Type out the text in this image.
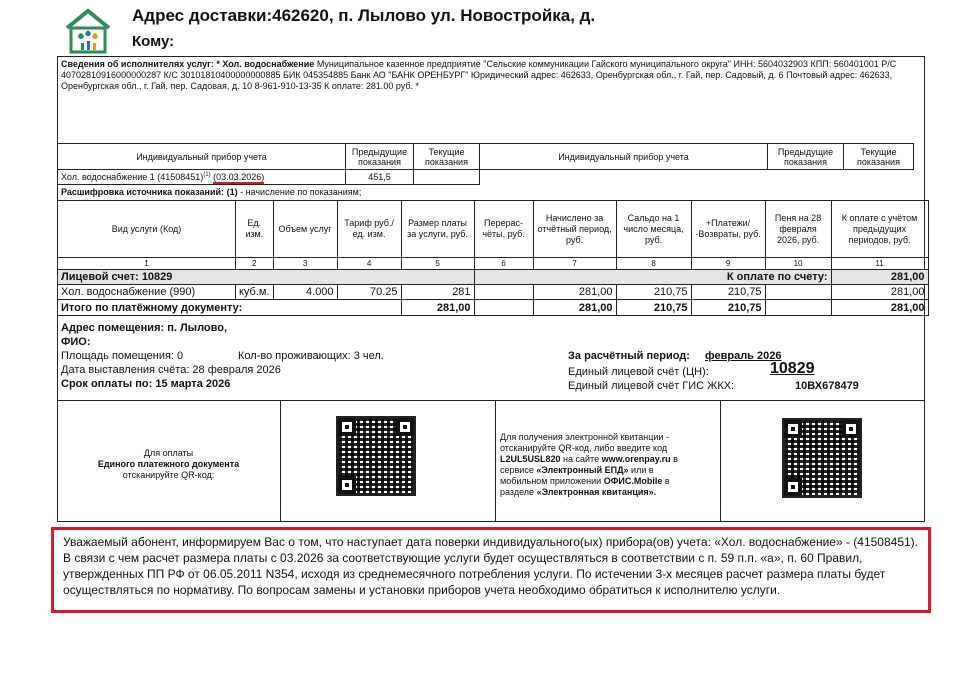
Адрес доставки:462620, п. Лылово ул. Новостройка, д.
Кому:
Сведения об исполнителях услуг: * Хол. водоснабжение Муниципальное казенное предприятие "Сельские коммуникации Гайского муниципального округа" ИНН: 5604032903 КПП: 560401001 Р/С 40702810916000000287 К/С 30101810400000000885 БИК 045354885 Банк АО "БАНК ОРЕНБУРГ" Юридический адрес: 462633, Оренбургская обл., г. Гай, пер. Садовый, д. 6 Почтовый адрес: 462633, Оренбургская обл., г. Гай, пер. Садовая, д. 10 8-961-910-13-35 К оплате: 281.00 руб. *
Индивидуальный прибор учета	Предыдущие показания	Текущие показания	Индивидуальный прибор учета	Предыдущие показания	Текущие показания
Хол. водоснабжение 1 $(41508451)^{(1)}$ (03.03.2026)	451,5				
Расшифровка источника показаний: (1) - начисление по показаниям;
Вид услуги (Код)	Ед. изм.	Объем услуг	Тариф руб./ед. изм.	Размер платы за услуги, руб.	Перерас-чёты, руб.	Начислено за отчётный период, руб.	Сальдо на 1 число месяца, руб.	+Платежи/ -Возвраты, руб.	Пеня на 28 февраля 2026, руб.	К оплате с учётом предыдущих периодов, руб.
1	2	3	4	5	6	7	8	9	10	11
Лицевой счет: 10829					К оплате по счету:					281,00
Хол. водоснабжение (990)	куб.м.	4.000	70.25	281		281,00	210,75	210,75		281,00
Итого по платёжному документу:				281,00		281,00	210,75	210,75		281,00
Адрес помещения: п. Лылово,
ФИО:
Площадь помещения: 0	Кол-во проживающих: 3 чел.
Дата выставления счёта: 28 февраля 2026
Срок оплаты по: 15 марта 2026
За расчётный период: февраль 2026
Единый лицевой счёт (ЦН):	10829
Единый лицевой счёт ГИС ЖКХ:	10ВХ678479
Для оплаты
Единого платежного документа
отсканируйте QR-код:
Для получения электронной квитанции -
отсканируйте QR-код, либо введите код
L2UL5USL820 на сайте www.orenpay.ru в
сервисе «Электронный ЕПД» или в
мобильном приложении ОФИС.Mobile в
разделе «Электронная квитанция».
Уважаемый абонент, информируем Вас о том, что наступает дата поверки индивидуального(ых) прибора(ов) учета: «Хол. водоснабжение» - (41508451). В связи с чем расчет размера платы с 03.2026 за соответствующие услуги будет осуществляться в соответствии с п. 59 п.п. «а», п. 60 Правил, утвержденных ПП РФ от 06.05.2011 N354, исходя из среднемесячного потребления услуги. По истечении 3-х месяцев расчет размера платы будет осуществляться по нормативу. По вопросам замены и установки приборов учета необходимо обратиться к исполнителю услуги.
